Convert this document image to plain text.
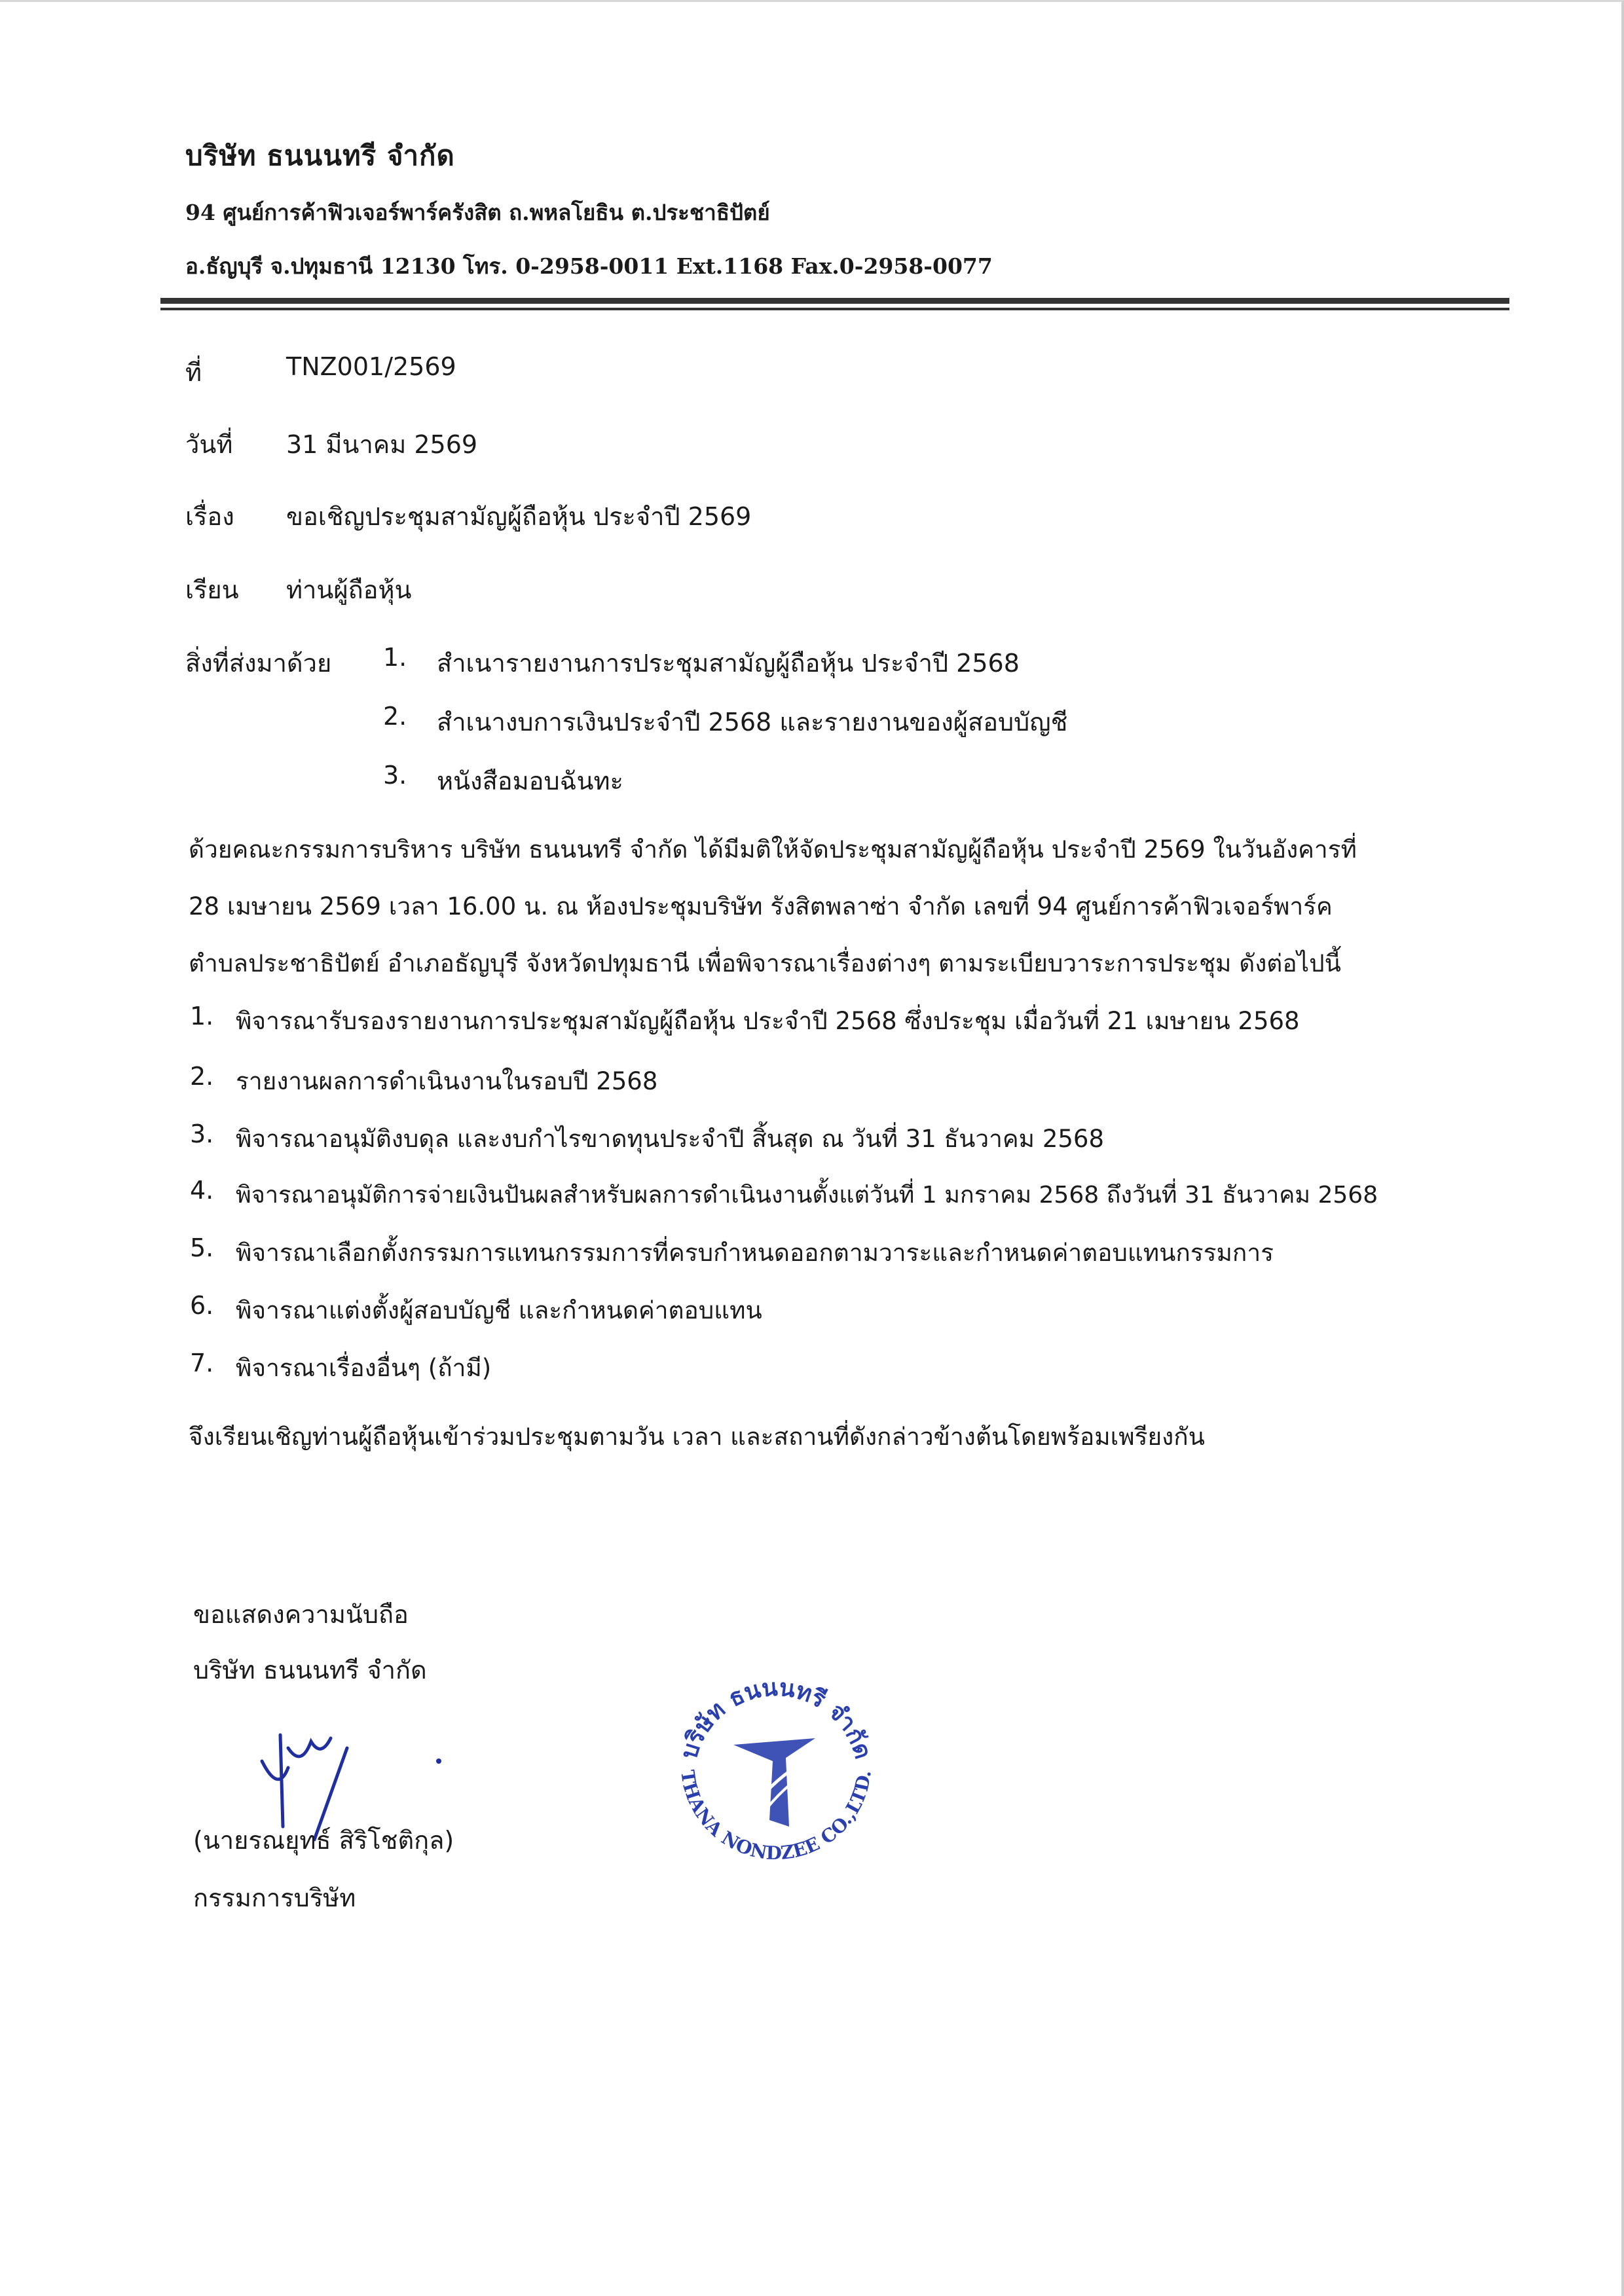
บริษัท ธนนนทรี จำกัด
94 ศูนย์การค้าฟิวเจอร์พาร์ครังสิต ถ.พหลโยธิน ต.ประชาธิปัตย์
อ.ธัญบุรี จ.ปทุมธานี 12130 โทร. 0-2958-0011 Ext.1168 Fax.0-2958-0077
ที่	TNZ001/2569
วันที่ 31 มีนาคม 2569
เรื่อง ขอเชิญประชุมสามัญผู้ถือหุ้น ประจำปี 2569
เรียน ท่านผู้ถือหุ้น
สิ่งที่ส่งมาด้วย 1. สำเนารายงานการประชุมสามัญผู้ถือหุ้น ประจำปี 2568
2. สำเนางบการเงินประจำปี 2568 และรายงานของผู้สอบบัญชี
3. หนังสือมอบฉันทะ
ด้วยคณะกรรมการบริหาร บริษัท ธนนนทรี จำกัด ได้มีมติให้จัดประชุมสามัญผู้ถือหุ้น ประจำปี 2569 ในวันอังคารที่
28 เมษายน 2569 เวลา 16.00 น. ณ ห้องประชุมบริษัท รังสิตพลาซ่า จำกัด เลขที่ 94 ศูนย์การค้าฟิวเจอร์พาร์ค
ตำบลประชาธิปัตย์ อำเภอธัญบุรี จังหวัดปทุมธานี เพื่อพิจารณาเรื่องต่างๆ ตามระเบียบวาระการประชุม ดังต่อไปนี้
1. พิจารณารับรองรายงานการประชุมสามัญผู้ถือหุ้น ประจำปี 2568 ซึ่งประชุม เมื่อวันที่ 21 เมษายน 2568
2. รายงานผลการดำเนินงานในรอบปี 2568
3. พิจารณาอนุมัติงบดุล และงบกำไรขาดทุนประจำปี สิ้นสุด ณ วันที่ 31 ธันวาคม 2568
4. พิจารณาอนุมัติการจ่ายเงินปันผลสำหรับผลการดำเนินงานตั้งแต่วันที่ 1 มกราคม 2568 ถึงวันที่ 31 ธันวาคม 2568
5. พิจารณาเลือกตั้งกรรมการแทนกรรมการที่ครบกำหนดออกตามวาระและกำหนดค่าตอบแทนกรรมการ
6. พิจารณาแต่งตั้งผู้สอบบัญชี และกำหนดค่าตอบแทน
7. พิจารณาเรื่องอื่นๆ (ถ้ามี)
จึงเรียนเชิญท่านผู้ถือหุ้นเข้าร่วมประชุมตามวัน เวลา และสถานที่ดังกล่าวข้างต้นโดยพร้อมเพรียงกัน
ขอแสดงความนับถือ
บริษัท ธนนนทรี จำกัด
(นายรณยุทธ์ สิริโชติกุล)
กรรมการบริษัท
บริษัท ธนนนทรี จำกัด
THANA NONDZEE CO.,LTD.
